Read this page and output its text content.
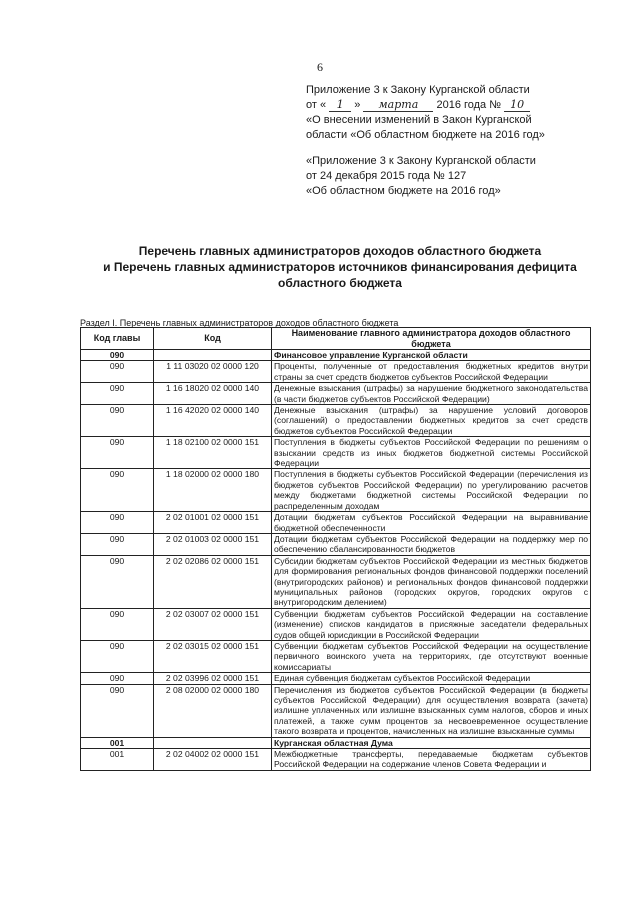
6

Приложение 3 к Закону Курганской области

от « 1 » марта 2016 года № 10

«О внесении изменений в Закон Курганской

области «Об областном бюджете на 2016 год»

«Приложение 3 к Закону Курганской области

от 24 декабря 2015 года № 127

«Об областном бюджете на 2016 год»

Перечень главных администраторов доходов областного бюджета
и Перечень главных администраторов источников финансирования дефицита
областного бюджета
Раздел I. Перечень главных администраторов доходов областного бюджета
Код главы	Код	Наименование главного администратора доходов областного бюджета
090		Финансовое управление Курганской области
090	1 11 03020 02 0000 120	Проценты, полученные от предоставления бюджетных кредитов внутри страны за счет средств бюджетов субъектов Российской Федерации
090	1 16 18020 02 0000 140	Денежные взыскания (штрафы) за нарушение бюджетного законодательства (в части бюджетов субъектов Российской Федерации)
090	1 16 42020 02 0000 140	Денежные взыскания (штрафы) за нарушение условий договоров (соглашений) о предоставлении бюджетных кредитов за счет средств бюджетов субъектов Российской Федерации
090	1 18 02100 02 0000 151	Поступления в бюджеты субъектов Российской Федерации по решениям о взыскании средств из иных бюджетов бюджетной системы Российской Федерации
090	1 18 02000 02 0000 180	Поступления в бюджеты субъектов Российской Федерации (перечисления из бюджетов субъектов Российской Федерации) по урегулированию расчетов между бюджетами бюджетной системы Российской Федерации по распределенным доходам
090	2 02 01001 02 0000 151	Дотации бюджетам субъектов Российской Федерации на выравнивание бюджетной обеспеченности
090	2 02 01003 02 0000 151	Дотации бюджетам субъектов Российской Федерации на поддержку мер по обеспечению сбалансированности бюджетов
090	2 02 02086 02 0000 151	Субсидии бюджетам субъектов Российской Федерации из местных бюджетов для формирования региональных фондов финансовой поддержки поселений (внутригородских районов) и региональных фондов финансовой поддержки муниципальных районов (городских округов, городских округов с внутригородским делением)
090	2 02 03007 02 0000 151	Субвенции бюджетам субъектов Российской Федерации на составление (изменение) списков кандидатов в присяжные заседатели федеральных судов общей юрисдикции в Российской Федерации
090	2 02 03015 02 0000 151	Субвенции бюджетам субъектов Российской Федерации на осуществление первичного воинского учета на территориях, где отсутствуют военные комиссариаты
090	2 02 03996 02 0000 151	Единая субвенция бюджетам субъектов Российской Федерации
090	2 08 02000 02 0000 180	Перечисления из бюджетов субъектов Российской Федерации (в бюджеты субъектов Российской Федерации) для осуществления возврата (зачета) излишне уплаченных или излишне взысканных сумм налогов, сборов и иных платежей, а также сумм процентов за несвоевременное осуществление такого возврата и процентов, начисленных на излишне взысканные суммы
001		Курганская областная Дума
001	2 02 04002 02 0000 151	Межбюджетные трансферты, передаваемые бюджетам субъектов Российской Федерации на содержание членов Совета Федерации и
